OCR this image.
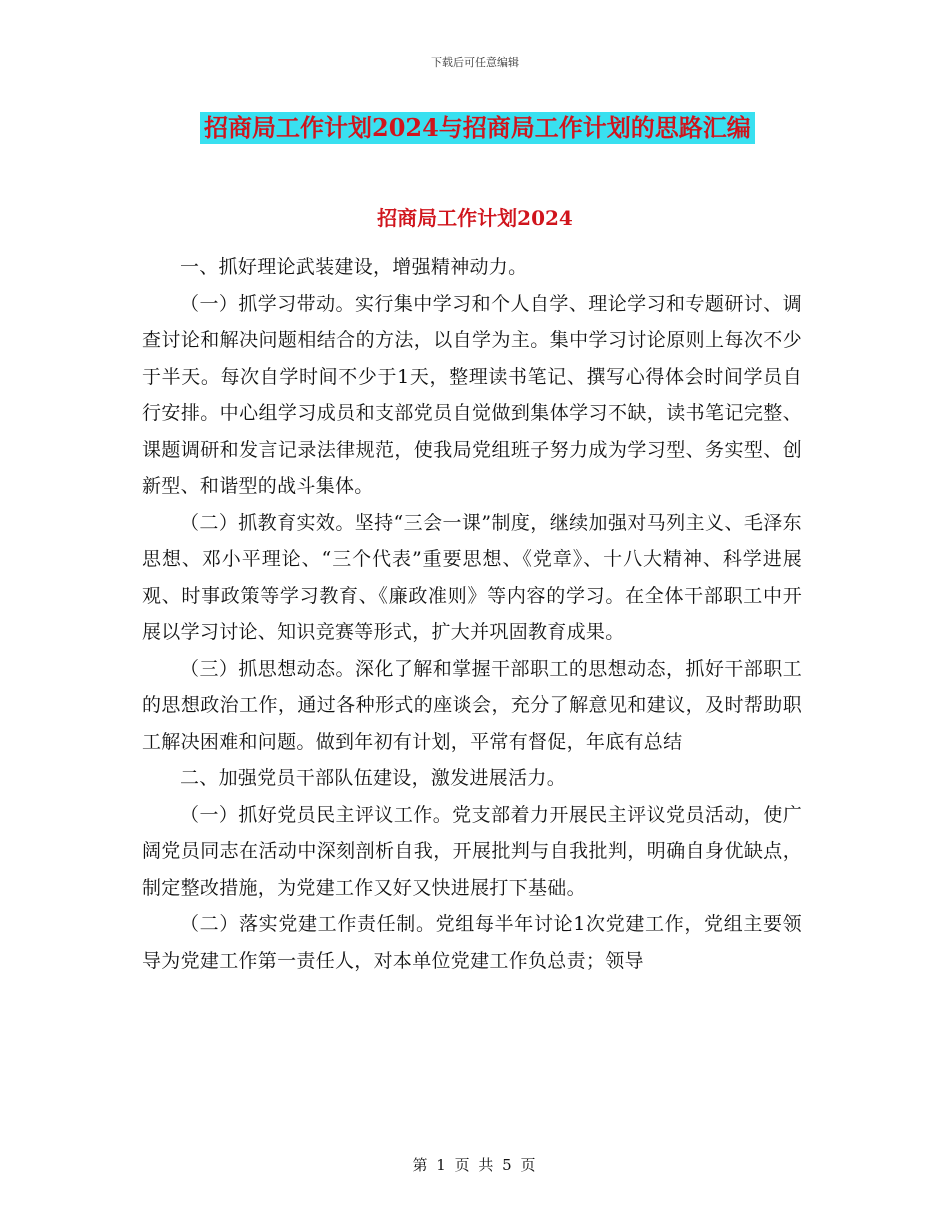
下载后可任意编辑
招商局工作计划2024与招商局工作计划的思路汇编
招商局工作计划2024

一、抓好理论武装建设，增强精神动力。

（一）抓学习带动。实行集中学习和个人自学、理论学习和专题研讨、调查讨论和解决问题相结合的方法，以自学为主。集中学习讨论原则上每次不少于半天。每次自学时间不少于1天，整理读书笔记、撰写心得体会时间学员自行安排。中心组学习成员和支部党员自觉做到集体学习不缺，读书笔记完整、课题调研和发言记录法律规范，使我局党组班子努力成为学习型、务实型、创新型、和谐型的战斗集体。

（二）抓教育实效。坚持“三会一课”制度，继续加强对马列主义、毛泽东思想、邓小平理论、“三个代表”重要思想、《党章》、十八大精神、科学进展观、时事政策等学习教育、《廉政准则》等内容的学习。在全体干部职工中开展以学习讨论、知识竞赛等形式，扩大并巩固教育成果。

（三）抓思想动态。深化了解和掌握干部职工的思想动态，抓好干部职工的思想政治工作，通过各种形式的座谈会，充分了解意见和建议，及时帮助职工解决困难和问题。做到年初有计划，平常有督促，年底有总结

二、加强党员干部队伍建设，激发进展活力。

（一）抓好党员民主评议工作。党支部着力开展民主评议党员活动，使广阔党员同志在活动中深刻剖析自我，开展批判与自我批判，明确自身优缺点，制定整改措施，为党建工作又好又快进展打下基础。

（二）落实党建工作责任制。党组每半年讨论1次党建工作，党组主要领导为党建工作第一责任人，对本单位党建工作负总责；领导

第 1 页 共 5 页
